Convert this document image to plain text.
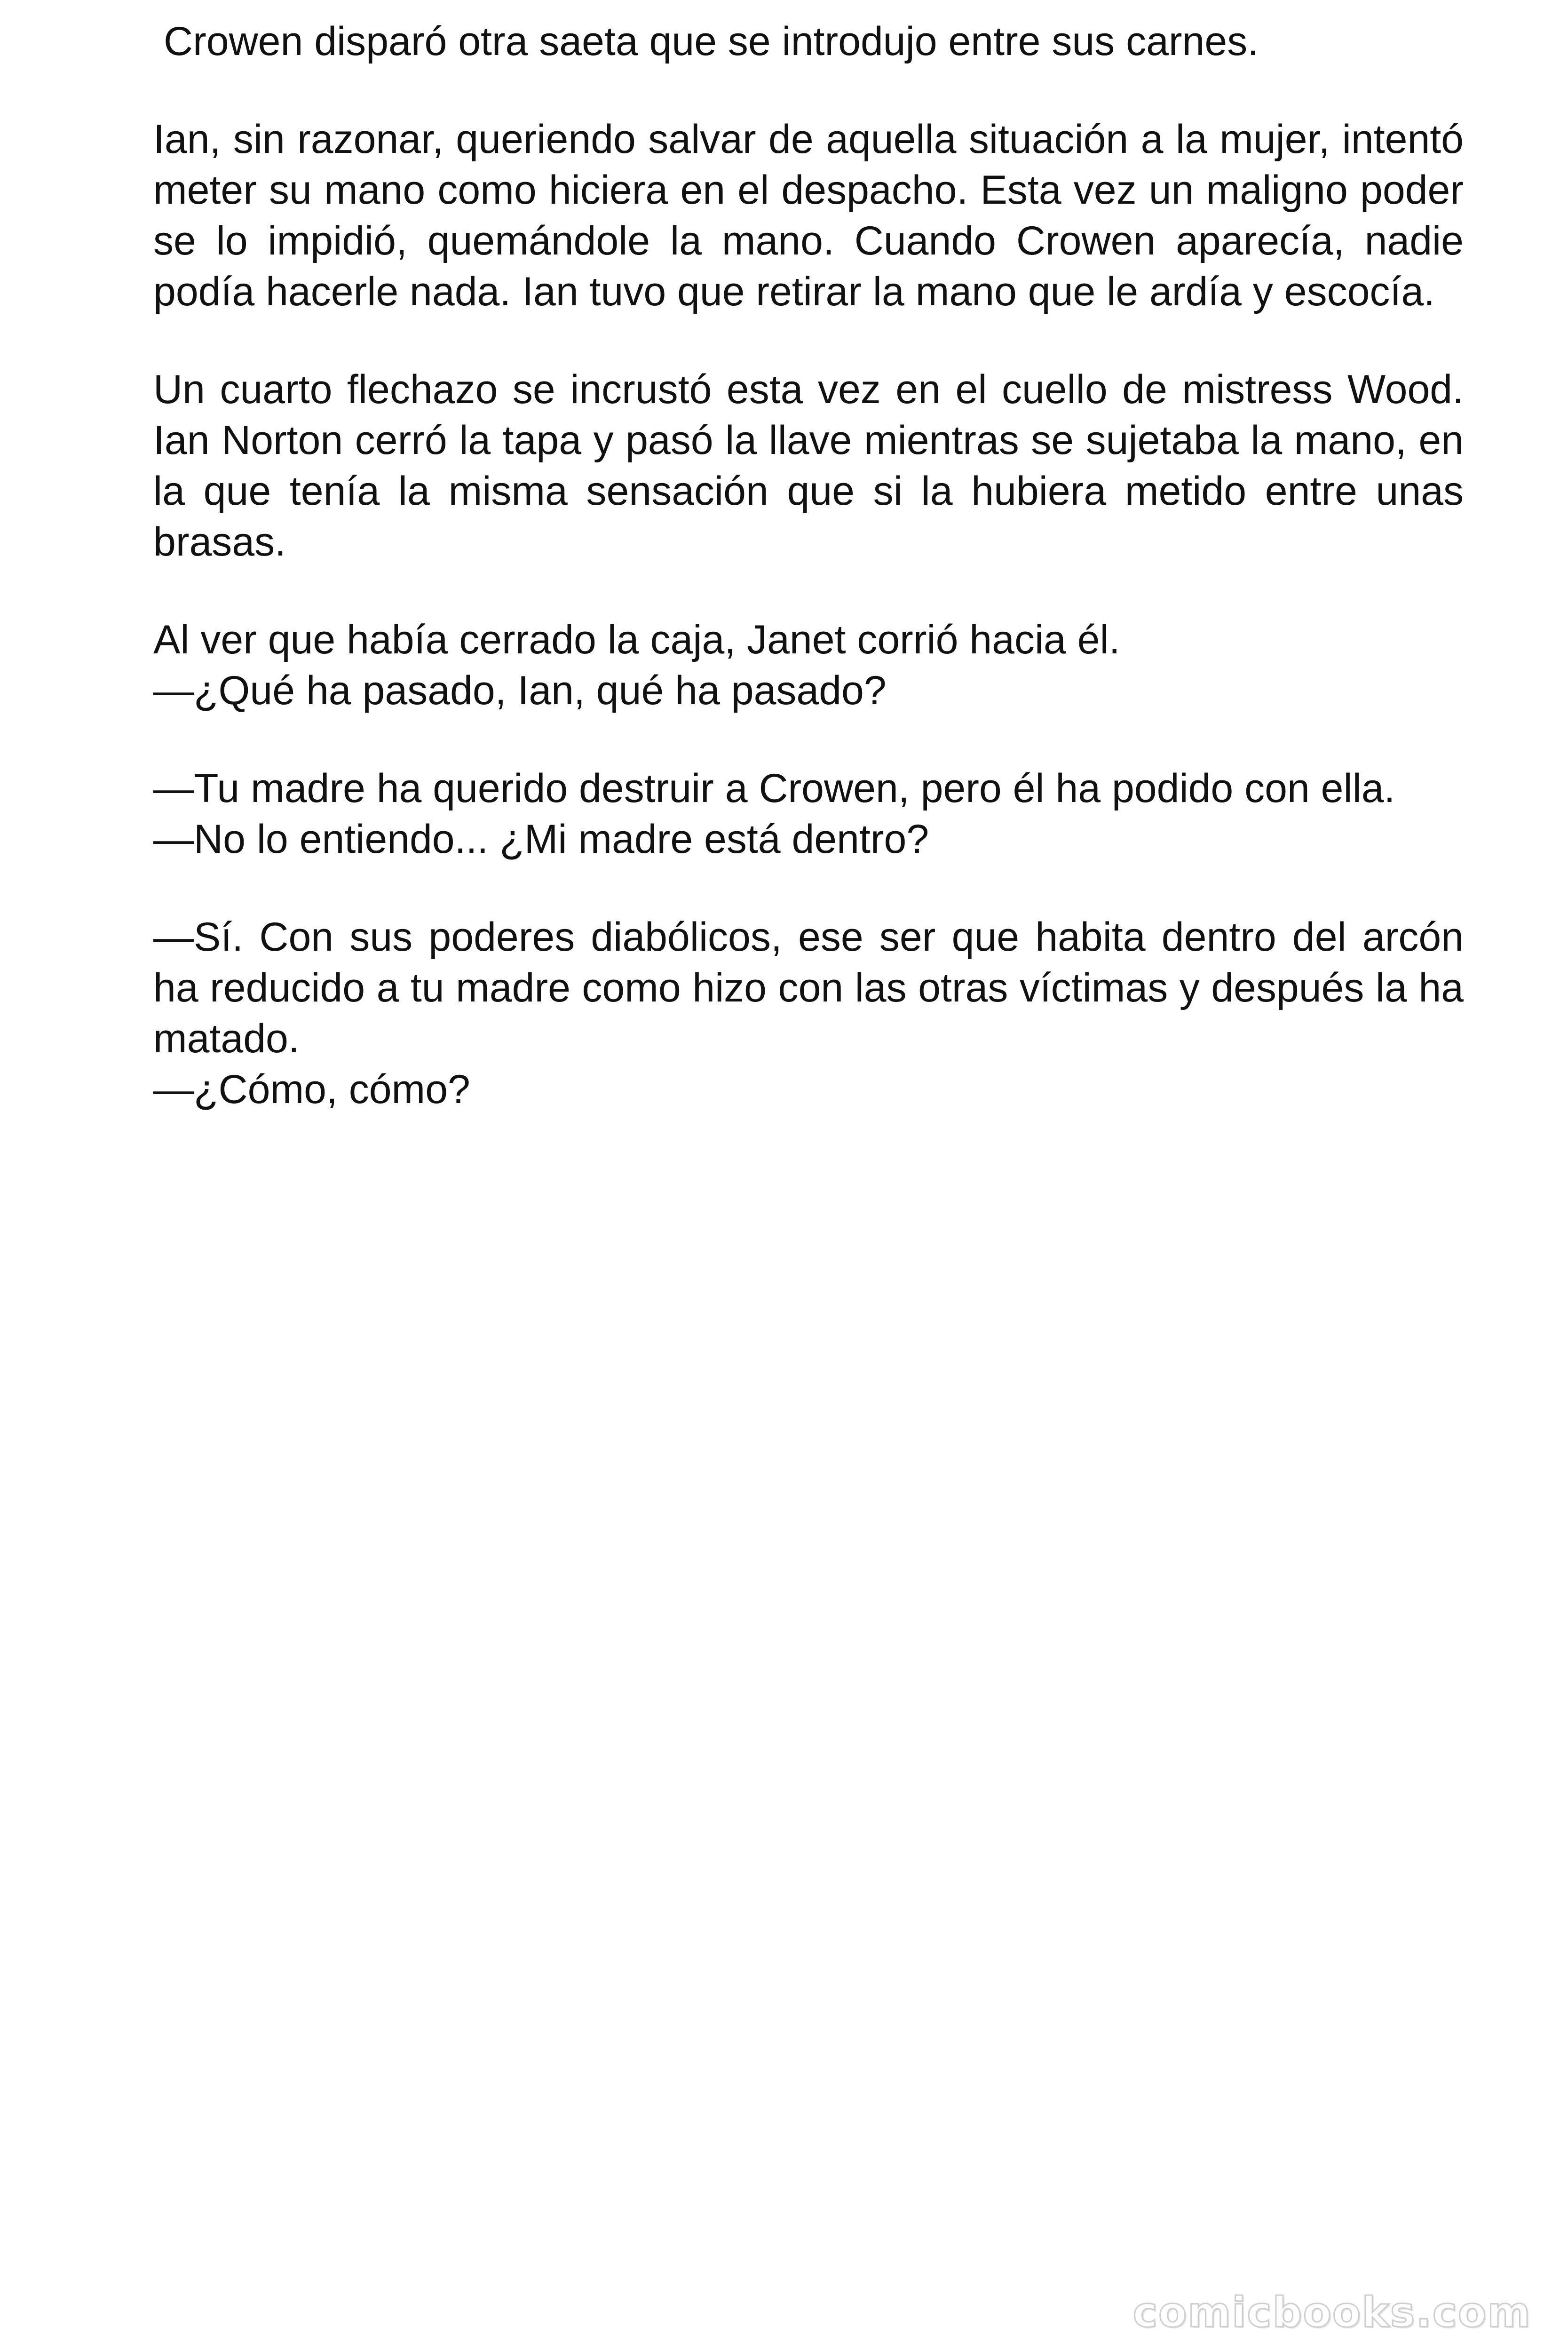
Crowen disparó otra saeta que se introdujo entre sus carnes.

Ian, sin razonar, queriendo salvar de aquella situación a la mujer, intentó meter su mano como hiciera en el despacho. Esta vez un maligno poder se lo impidió, quemándole la mano. Cuando Crowen aparecía, nadie podía hacerle nada. Ian tuvo que retirar la mano que le ardía y escocía.

Un cuarto flechazo se incrustó esta vez en el cuello de mistress Wood. Ian Norton cerró la tapa y pasó la llave mientras se sujetaba la mano, en la que tenía la misma sensación que si la hubiera metido entre unas brasas.

Al ver que había cerrado la caja, Janet corrió hacia él.
—¿Qué ha pasado, Ian, qué ha pasado?

—Tu madre ha querido destruir a Crowen, pero él ha podido con ella.
—No lo entiendo... ¿Mi madre está dentro?

—Sí. Con sus poderes diabólicos, ese ser que habita dentro del arcón ha reducido a tu madre como hizo con las otras víctimas y después la ha matado.
—¿Cómo, cómo?

comicbooks.com
